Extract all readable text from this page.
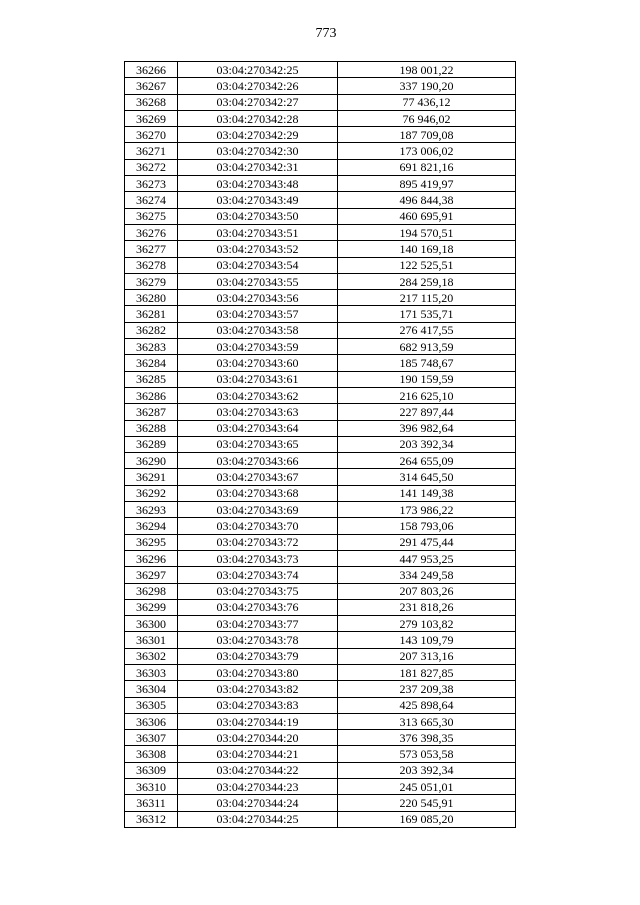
773
36266	03:04:270342:25	198 001,22
36267	03:04:270342:26	337 190,20
36268	03:04:270342:27	77 436,12
36269	03:04:270342:28	76 946,02
36270	03:04:270342:29	187 709,08
36271	03:04:270342:30	173 006,02
36272	03:04:270342:31	691 821,16
36273	03:04:270343:48	895 419,97
36274	03:04:270343:49	496 844,38
36275	03:04:270343:50	460 695,91
36276	03:04:270343:51	194 570,51
36277	03:04:270343:52	140 169,18
36278	03:04:270343:54	122 525,51
36279	03:04:270343:55	284 259,18
36280	03:04:270343:56	217 115,20
36281	03:04:270343:57	171 535,71
36282	03:04:270343:58	276 417,55
36283	03:04:270343:59	682 913,59
36284	03:04:270343:60	185 748,67
36285	03:04:270343:61	190 159,59
36286	03:04:270343:62	216 625,10
36287	03:04:270343:63	227 897,44
36288	03:04:270343:64	396 982,64
36289	03:04:270343:65	203 392,34
36290	03:04:270343:66	264 655,09
36291	03:04:270343:67	314 645,50
36292	03:04:270343:68	141 149,38
36293	03:04:270343:69	173 986,22
36294	03:04:270343:70	158 793,06
36295	03:04:270343:72	291 475,44
36296	03:04:270343:73	447 953,25
36297	03:04:270343:74	334 249,58
36298	03:04:270343:75	207 803,26
36299	03:04:270343:76	231 818,26
36300	03:04:270343:77	279 103,82
36301	03:04:270343:78	143 109,79
36302	03:04:270343:79	207 313,16
36303	03:04:270343:80	181 827,85
36304	03:04:270343:82	237 209,38
36305	03:04:270343:83	425 898,64
36306	03:04:270344:19	313 665,30
36307	03:04:270344:20	376 398,35
36308	03:04:270344:21	573 053,58
36309	03:04:270344:22	203 392,34
36310	03:04:270344:23	245 051,01
36311	03:04:270344:24	220 545,91
36312	03:04:270344:25	169 085,20
